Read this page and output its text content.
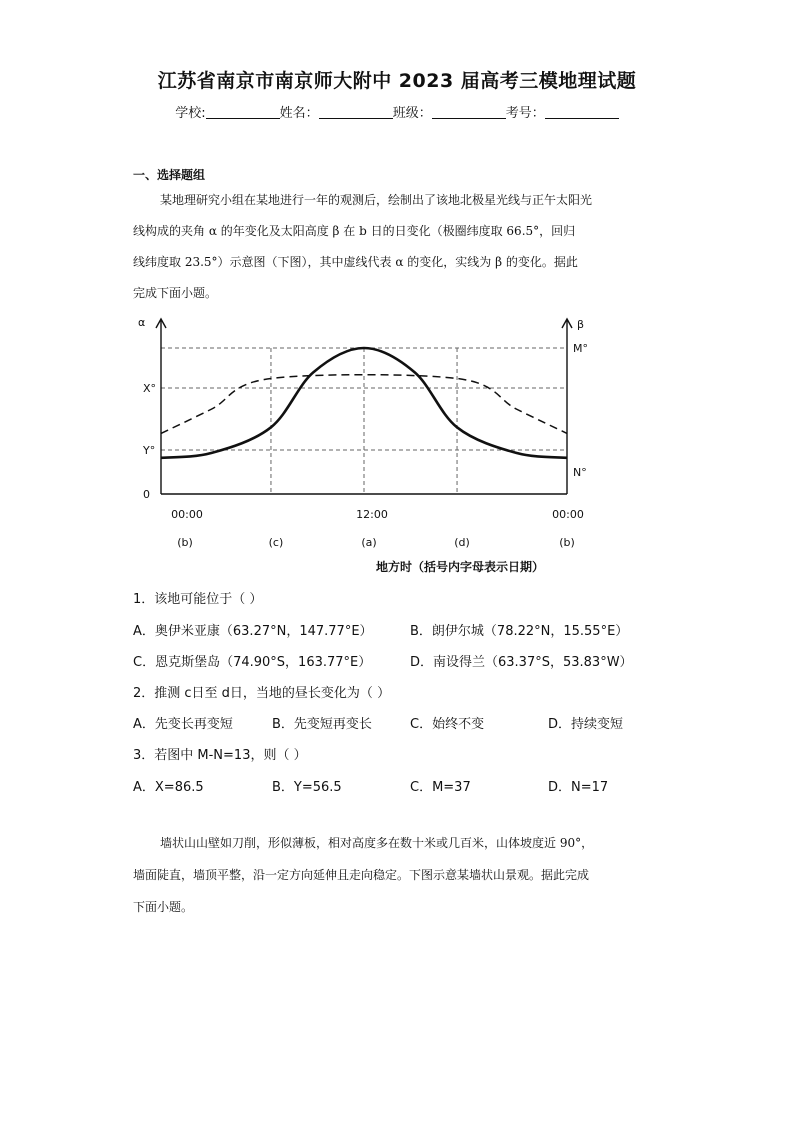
江苏省南京市南京师大附中 2023 届高考三模地理试题
学校:	姓名：	班级：	考号：
一、选择题组
某地理研究小组在某地进行一年的观测后，绘制出了该地北极星光线与正午太阳光
线构成的夹角 α 的年变化及太阳高度 β 在 b 日的日变化（极圈纬度取 66.5°，回归
线纬度取 23.5°）示意图（下图），其中虚线代表 α 的变化，实线为 β 的变化。据此
完成下面小题。
α	β
X°
Y°
0
M°
N°
00:00	12:00	00:00
(b)	(c)	(a)	(d)	(b)
地方时（括号内字母表示日期）
1．该地可能位于（ ）
A．奥伊米亚康（63.27°N，147.77°E）	B．朗伊尔城（78.22°N，15.55°E）
C．恩克斯堡岛（74.90°S，163.77°E）	D．南设得兰（63.37°S，53.83°W）
2．推测 c日至 d日，当地的昼长变化为（ ）
A．先变长再变短	B．先变短再变长	C．始终不变	D．持续变短
3．若图中 M-N=13，则（ ）
A．X=86.5	B．Y=56.5	C．M=37	D．N=17
墙状山山壁如刀削，形似薄板，相对高度多在数十米或几百米，山体坡度近 90°，
墙面陡直，墙顶平整，沿一定方向延伸且走向稳定。下图示意某墙状山景观。据此完成
下面小题。
